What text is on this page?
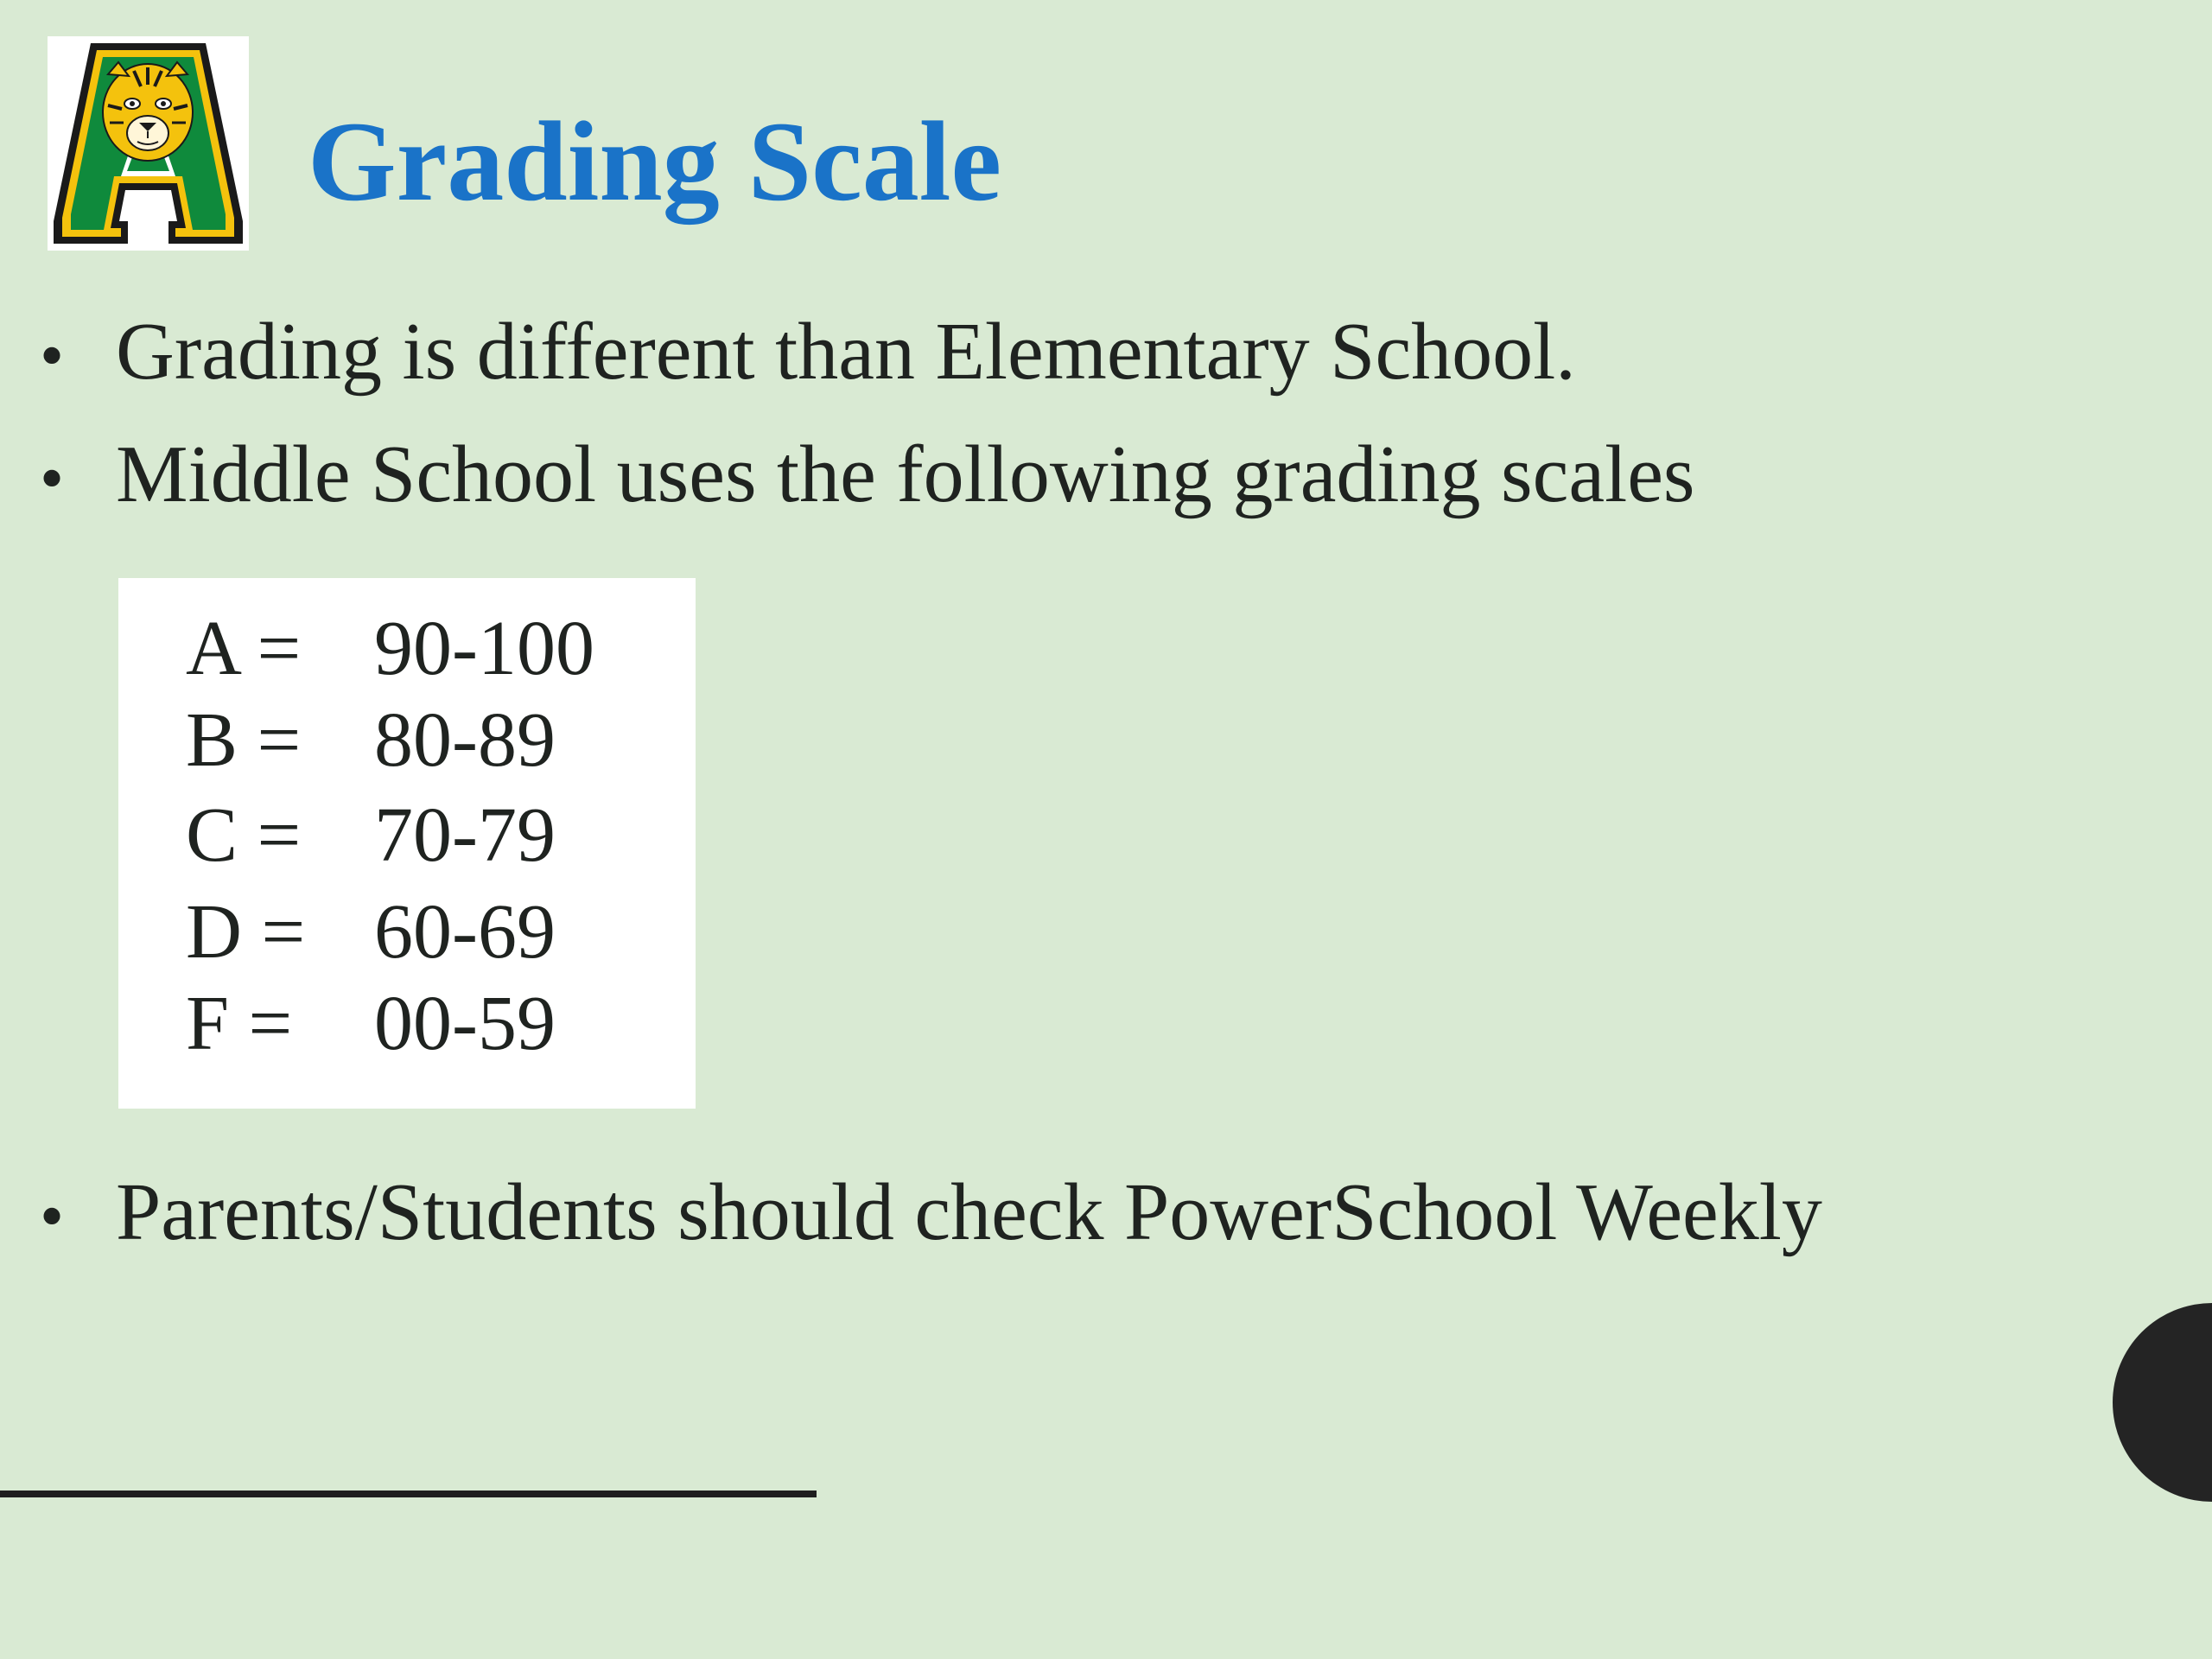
Grading Scale
• Grading is different than Elementary School.
• Middle School uses the following grading scales
A = 90-100
B = 80-89
C = 70-79
D = 60-69
F = 00-59
• Parents/Students should check PowerSchool Weekly
